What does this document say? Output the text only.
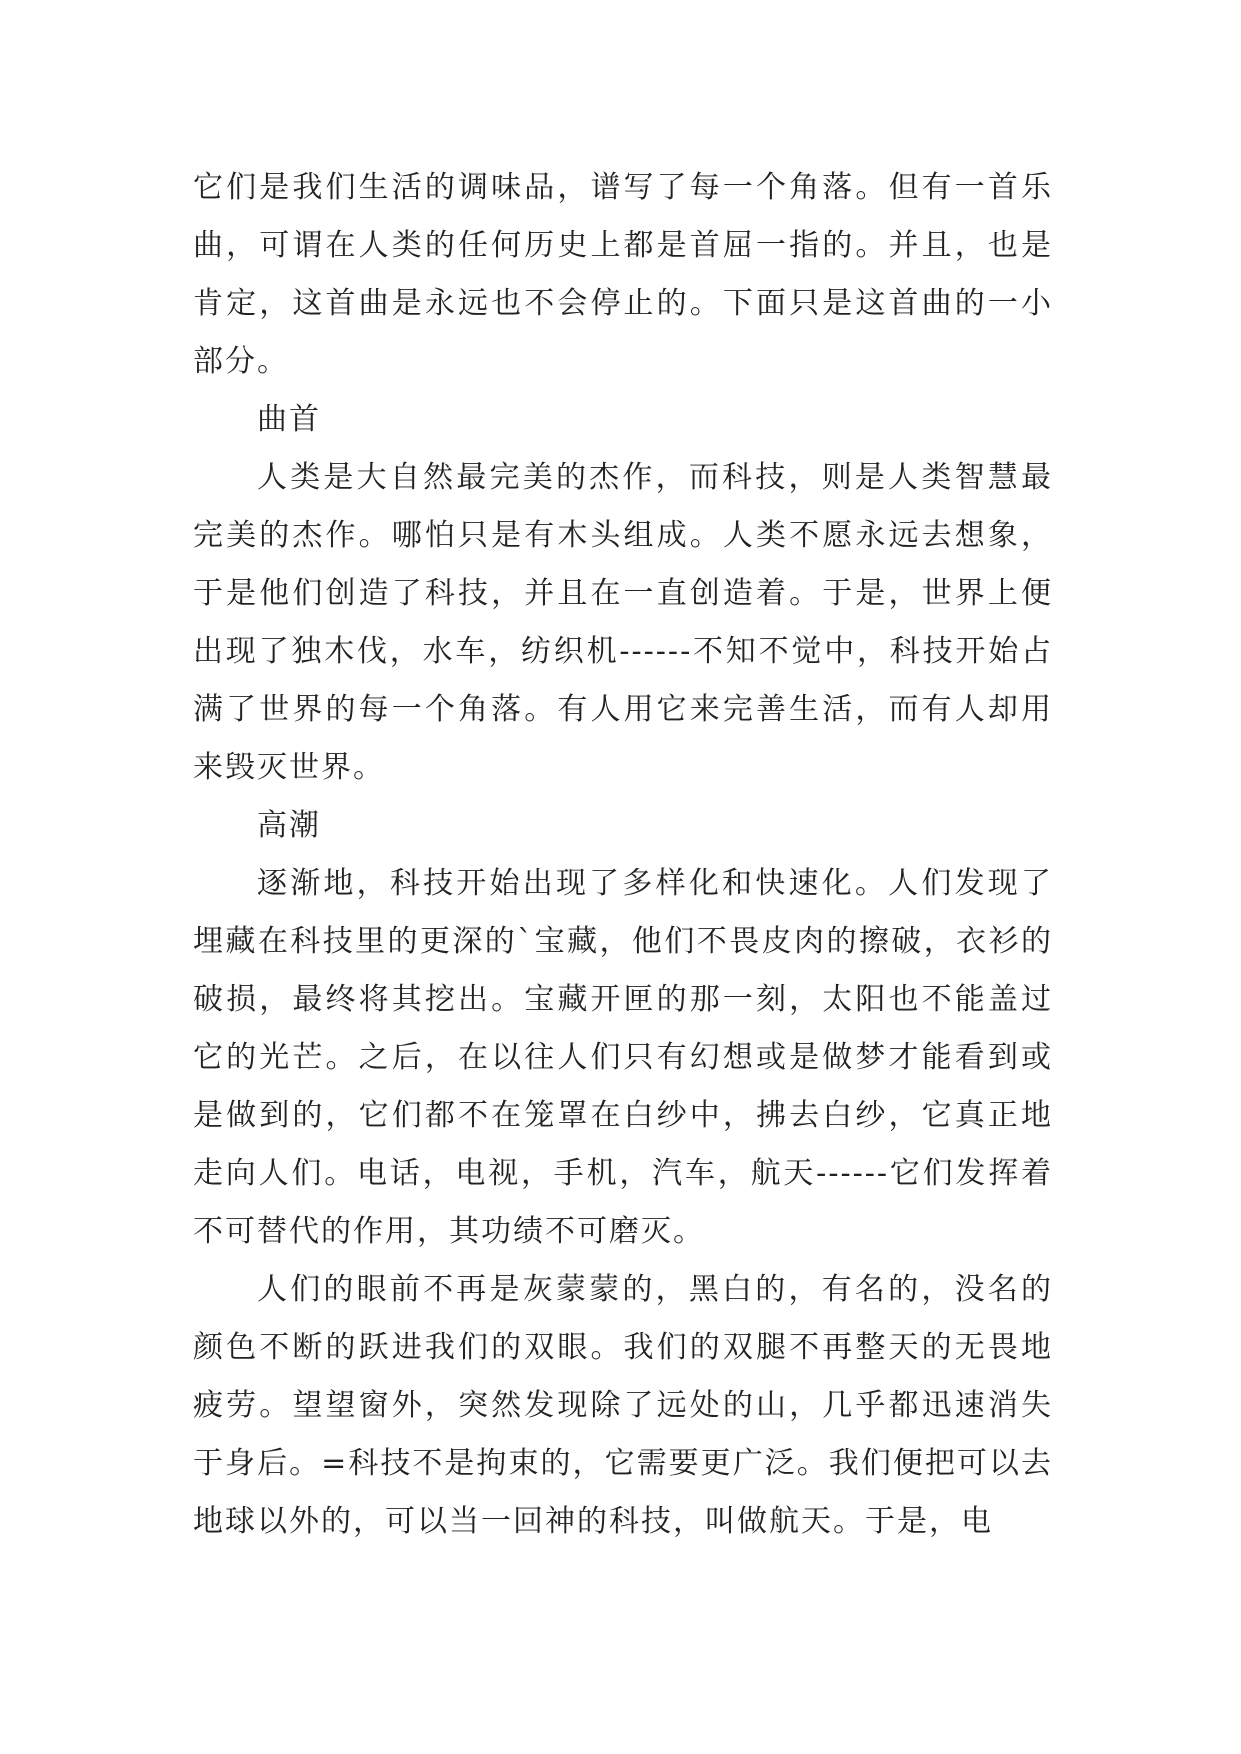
它们是我们生活的调味品，谱写了每一个角落。但有一首乐曲，可谓在人类的任何历史上都是首屈一指的。并且，也是肯定，这首曲是永远也不会停止的。下面只是这首曲的一小部分。

曲首

人类是大自然最完美的杰作，而科技，则是人类智慧最完美的杰作。哪怕只是有木头组成。人类不愿永远去想象，于是他们创造了科技，并且在一直创造着。于是，世界上便出现了独木伐，水车，纺织机------不知不觉中，科技开始占满了世界的每一个角落。有人用它来完善生活，而有人却用来毁灭世界。

高潮

逐渐地，科技开始出现了多样化和快速化。人们发现了埋藏在科技里的更深的`宝藏，他们不畏皮肉的擦破，衣衫的破损，最终将其挖出。宝藏开匣的那一刻，太阳也不能盖过它的光芒。之后，在以往人们只有幻想或是做梦才能看到或是做到的，它们都不在笼罩在白纱中，拂去白纱，它真正地走向人们。电话，电视，手机，汽车，航天------它们发挥着不可替代的作用，其功绩不可磨灭。

人们的眼前不再是灰蒙蒙的，黑白的，有名的，没名的颜色不断的跃进我们的双眼。我们的双腿不再整天的无畏地疲劳。望望窗外，突然发现除了远处的山，几乎都迅速消失于身后。=科技不是拘束的，它需要更广泛。我们便把可以去地球以外的，可以当一回神的科技，叫做航天。于是，电
